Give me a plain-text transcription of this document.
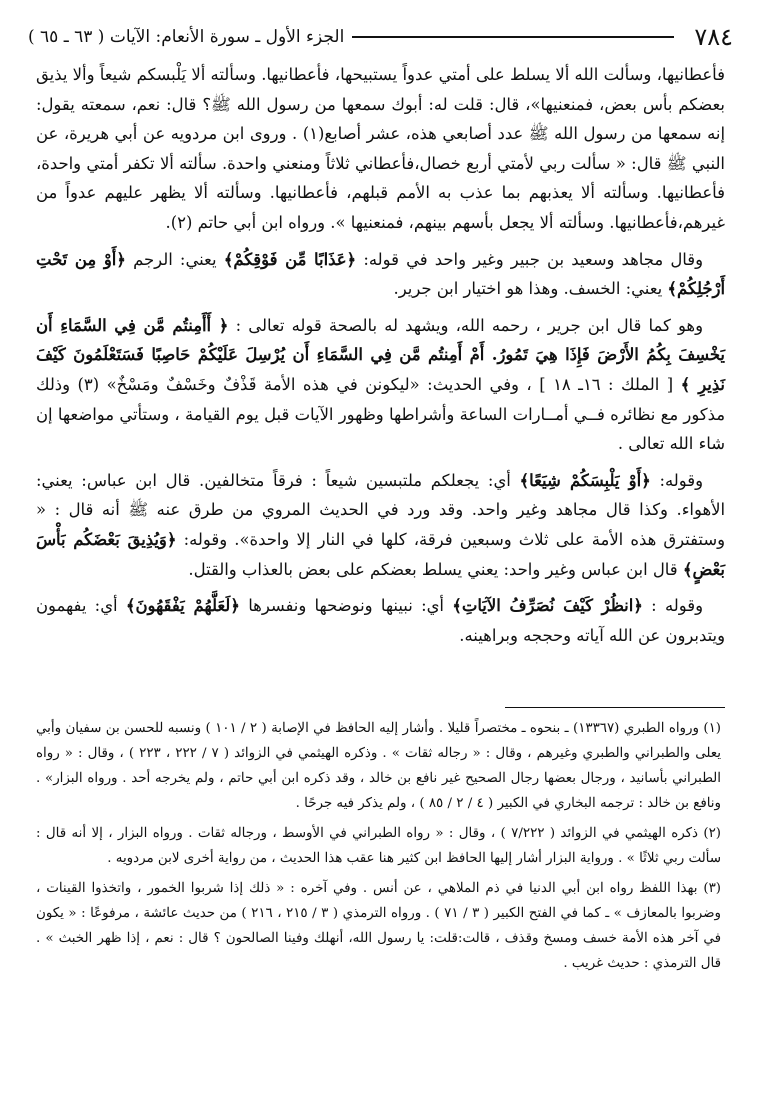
٧٨٤
الجزء الأول ـ سورة الأنعام: الآيات ( ٦٣ ـ ٦٥ )

فأعطانيها، وسألت الله ألا يسلط على أمتي عدواً يستبيحها، فأعطانيها. وسألته ألا يَلْبسكم شيعاً وألا يذيق بعضكم بأس بعض، فمنعنيها»، قال: قلت له: أبوك سمعها من رسول الله ﷺ؟ قال: نعم، سمعته يقول: إنه سمعها من رسول الله ﷺ عدد أصابعي هذه، عشر أصابع(١) . وروى ابن مردويه عن أبي هريرة، عن النبي ﷺ قال: « سألت ربي لأمتي أربع خصال،فأعطاني ثلاثاً ومنعني واحدة. سألته ألا تكفر أمتي واحدة، فأعطانيها. وسألته ألا يعذبهم بما عذب به الأمم قبلهم، فأعطانيها. وسألته ألا يظهر عليهم عدواً من غيرهم،فأعطانيها. وسألته ألا يجعل بأسهم بينهم، فمنعنيها ». ورواه ابن أبي حاتم (٢).

وقال مجاهد وسعيد بن جبير وغير واحد في قوله: ﴿عَذَابًا مِّن فَوْقِكُمْ﴾ يعني: الرجم ﴿أَوْ مِن تَحْتِ أَرْجُلِكُمْ﴾ يعني: الخسف. وهذا هو اختيار ابن جرير.

وهو كما قال ابن جرير ، رحمه الله، ويشهد له بالصحة قوله تعالى : ﴿ أَأَمِنتُم مَّن فِي السَّمَاءِ أَن يَخْسِفَ بِكُمُ الأَرْضَ فَإِذَا هِيَ تَمُورُ. أَمْ أَمِنتُم مَّن فِي السَّمَاءِ أَن يُرْسِلَ عَلَيْكُمْ حَاصِبًا فَسَتَعْلَمُونَ كَيْفَ نَذِيرِ ﴾ [ الملك : ١٦ـ ١٨ ] ، وفي الحديث: «ليكونن في هذه الأمة قَذْفٌ وخَسْفٌ ومَسْخٌ» (٣) وذلك مذكور مع نظائره فــي أمــارات الساعة وأشراطها وظهور الآيات قبل يوم القيامة ، وستأتي مواضعها إن شاء الله تعالى .

وقوله: ﴿أَوْ يَلْبِسَكُمْ شِيَعًا﴾ أي: يجعلكم ملتبسين شيعاً : فرقاً متخالفين. قال ابن عباس: يعني: الأهواء. وكذا قال مجاهد وغير واحد. وقد ورد في الحديث المروي من طرق عنه ﷺ أنه قال : « وستفترق هذه الأمة على ثلاث وسبعين فرقة، كلها في النار إلا واحدة». وقوله: ﴿وَيُذِيقَ بَعْضَكُم بَأْسَ بَعْضٍ﴾ قال ابن عباس وغير واحد: يعني يسلط بعضكم على بعض بالعذاب والقتل.

وقوله : ﴿انظُرْ كَيْفَ نُصَرِّفُ الآيَاتِ﴾ أي: نبينها ونوضحها ونفسرها ﴿لَعَلَّهُمْ يَفْقَهُونَ﴾ أي: يفهمون ويتدبرون عن الله آياته وحججه وبراهينه.

(١) ورواه الطبري (١٣٣٦٧) ـ بنحوه ـ مختصراً قليلا . وأشار إليه الحافظ في الإصابة ( ٢ / ١٠١ ) ونسبه للحسن بن سفيان وأبي يعلى والطبراني والطبري وغيرهم ، وقال : « رجاله ثقات » . وذكره الهيثمي في الزوائد ( ٧ / ٢٢٢ ، ٢٢٣ ) ، وقال : « رواه الطبراني بأسانيد ، ورجال بعضها رجال الصحيح غير نافع بن خالد ، وقد ذكره ابن أبي حاتم ، ولم يخرجه أحد . ورواه البزار» . ونافع بن خالد : ترجمه البخاري في الكبير ( ٤ / ٢ / ٨٥ ) ، ولم يذكر فيه جرحًا .

(٢) ذكره الهيثمي في الزوائد ( ٧/٢٢٢ ) ، وقال : « رواه الطبراني في الأوسط ، ورجاله ثقات . ورواه البزار ، إلا أنه قال : سألت ربي ثلاثًا » . ورواية البزار أشار إليها الحافظ ابن كثير هنا عقب هذا الحديث ، من رواية أخرى لابن مردويه .

(٣) بهذا اللفظ رواه ابن أبي الدنيا في ذم الملاهي ، عن أنس . وفي آخره : « ذلك إذا شربوا الخمور ، واتخذوا القينات ، وضربوا بالمعازف » ـ كما في الفتح الكبير ( ٣ / ٧١ ) . ورواه الترمذي ( ٣ / ٢١٥ ، ٢١٦ ) من حديث عائشة ، مرفوعًا : « يكون في آخر هذه الأمة خسف ومسخ وقذف ، قالت:قلت: يا رسول الله، أنهلك وفينا الصالحون ؟ قال : نعم ، إذا ظهر الخبث » . قال الترمذي : حديث غريب .
